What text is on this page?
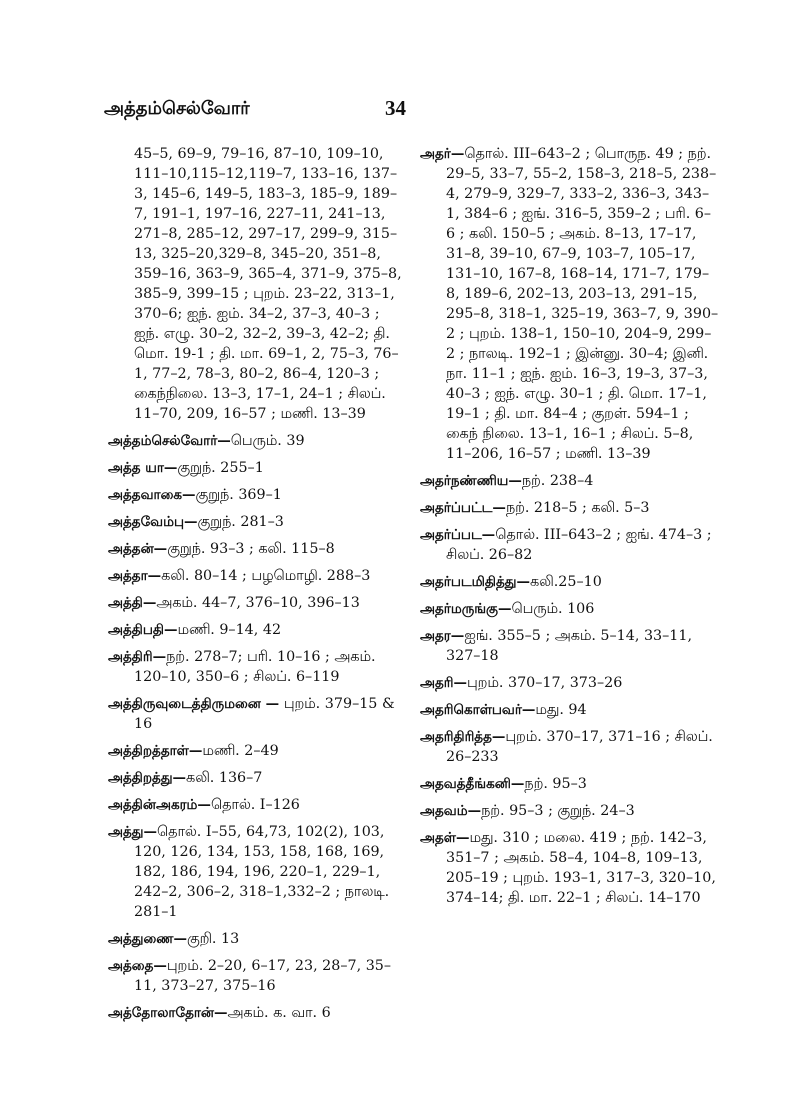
அத்தம்செல்வோர்	34
45–5, 69–9, 79–16, 87–10, 109–10, 111–10,115–12,119–7, 133–16, 137–3, 145–6, 149–5, 183–3, 185–9, 189–7, 191–1, 197–16, 227–11, 241–13, 271–8, 285–12, 297–17, 299–9, 315–13, 325–20,329–8, 345–20, 351–8, 359–16, 363–9, 365–4, 371–9, 375–8, 385–9, 399–15 ; புறம். 23–22, 313–1, 370–6; ஐந். ஐம். 34–2, 37–3, 40–3 ; ஐந். எழு. 30–2, 32–2, 39–3, 42–2; தி. மொ. 19-1 ; தி. மா. 69–1, 2, 75–3, 76–1, 77–2, 78–3, 80–2, 86–4, 120–3 ; கைந்நிலை. 13–3, 17–1, 24–1 ; சிலப். 11–70, 209, 16–57 ; மணி. 13–39
அத்தம்செல்வோர்—பெரும். 39
அத்த யா—குறுந். 255–1
அத்தவாகை—குறுந். 369–1
அத்தவேம்பு—குறுந். 281–3
அத்தன்—குறுந். 93–3 ; கலி. 115–8
அத்தா—கலி. 80–14 ; பழமொழி. 288–3
அத்தி—அகம். 44–7, 376–10, 396–13
அத்திபதி—மணி. 9–14, 42
அத்திரி—நற். 278–7; பரி. 10–16 ; அகம். 120–10, 350–6 ; சிலப். 6–119
அத்திருவுடைத்திருமனை — புறம். 379–15 & 16
அத்திறத்தாள்—மணி. 2–49
அத்திறத்து—கலி. 136–7
அத்தின்அகரம்—தொல். I–126
அத்து—தொல். I–55, 64,73, 102(2), 103, 120, 126, 134, 153, 158, 168, 169, 182, 186, 194, 196, 220–1, 229–1, 242–2, 306–2, 318–1,332–2 ; நாலடி. 281–1
அத்துணை—குறி. 13
அத்தை—புறம். 2–20, 6–17, 23, 28–7, 35–11, 373–27, 375–16
அத்தோலாதோன்—அகம். க. வா. 6
அதர்—தொல். III–643–2 ; பொருந. 49 ; நற். 29–5, 33–7, 55–2, 158–3, 218–5, 238–4, 279–9, 329–7, 333–2, 336–3, 343–1, 384–6 ; ஐங். 316–5, 359–2 ; பரி. 6–6 ; கலி. 150–5 ; அகம். 8–13, 17–17, 31–8, 39–10, 67–9, 103–7, 105–17, 131–10, 167–8, 168–14, 171–7, 179–8, 189–6, 202–13, 203–13, 291–15, 295–8, 318–1, 325–19, 363–7, 9, 390–2 ; புறம். 138–1, 150–10, 204–9, 299–2 ; நாலடி. 192–1 ; இன்னு. 30–4; இனி. நா. 11–1 ; ஐந். ஐம். 16–3, 19–3, 37–3, 40–3 ; ஐந். எழு. 30–1 ; தி. மொ. 17–1, 19–1 ; தி. மா. 84–4 ; குறள். 594–1 ; கைந் நிலை. 13–1, 16–1 ; சிலப். 5–8, 11–206, 16–57 ; மணி. 13–39
அதர்நண்ணிய—நற். 238–4
அதர்ப்பட்ட—நற். 218–5 ; கலி. 5–3
அதர்ப்பட—தொல். III–643–2 ; ஐங். 474–3 ; சிலப். 26–82
அதர்படமிதித்து—கலி.25–10
அதர்மருங்கு—பெரும். 106
அதர—ஐங். 355–5 ; அகம். 5–14, 33–11, 327–18
அதரி—புறம். 370–17, 373–26
அதரிகொள்பவர்—மது. 94
அதரிதிரித்த—புறம். 370–17, 371–16 ; சிலப். 26–233
அதவத்தீங்கனி—நற். 95–3
அதவம்—நற். 95–3 ; குறுந். 24–3
அதள்—மது. 310 ; மலை. 419 ; நற். 142–3, 351–7 ; அகம். 58–4, 104–8, 109–13, 205–19 ; புறம். 193–1, 317–3, 320–10, 374–14; தி. மா. 22–1 ; சிலப். 14–170
